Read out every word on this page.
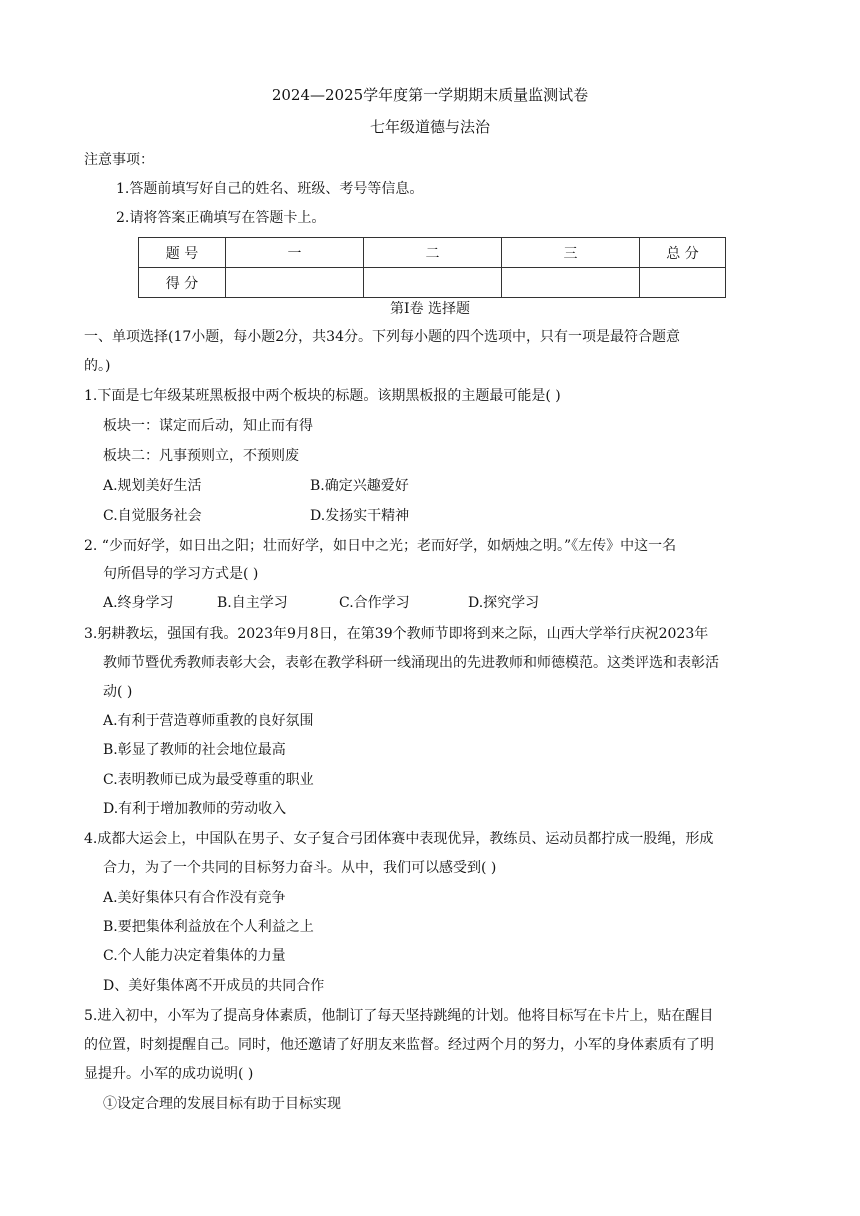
2024—2025学年度第一学期期末质量监测试卷
七年级道德与法治
注意事项：
1.答题前填写好自己的姓名、班级、考号等信息。
2.请将答案正确填写在答题卡上。
题 号	一	二	三	总 分
得 分				
第Ⅰ卷 选择题
一、单项选择(17小题，每小题2分，共34分。下列每小题的四个选项中，只有一项是最符合题意
的。)
1.下面是七年级某班黑板报中两个板块的标题。该期黑板报的主题最可能是( )
板块一：谋定而后动，知止而有得
板块二：凡事预则立，不预则废
A.规划美好生活	B.确定兴趣爱好
C.自觉服务社会	D.发扬实干精神
2. “少而好学，如日出之阳；壮而好学，如日中之光；老而好学，如炳烛之明。”《左传》中这一名
句所倡导的学习方式是( )
A.终身学习	B.自主学习	C.合作学习	D.探究学习
3.躬耕教坛，强国有我。2023年9月8日，在第39个教师节即将到来之际，山西大学举行庆祝2023年
教师节暨优秀教师表彰大会，表彰在教学科研一线涌现出的先进教师和师德模范。这类评选和表彰活
动( )
A.有利于营造尊师重教的良好氛围
B.彰显了教师的社会地位最高
C.表明教师已成为最受尊重的职业
D.有利于增加教师的劳动收入
4.成都大运会上，中国队在男子、女子复合弓团体赛中表现优异，教练员、运动员都拧成一股绳，形成
合力，为了一个共同的目标努力奋斗。从中，我们可以感受到( )
A.美好集体只有合作没有竞争
B.要把集体利益放在个人利益之上
C.个人能力决定着集体的力量
D、美好集体离不开成员的共同合作
5.进入初中，小军为了提高身体素质，他制订了每天坚持跳绳的计划。他将目标写在卡片上，贴在醒目
的位置，时刻提醒自己。同时，他还邀请了好朋友来监督。经过两个月的努力，小军的身体素质有了明
显提升。小军的成功说明( )
①设定合理的发展目标有助于目标实现
